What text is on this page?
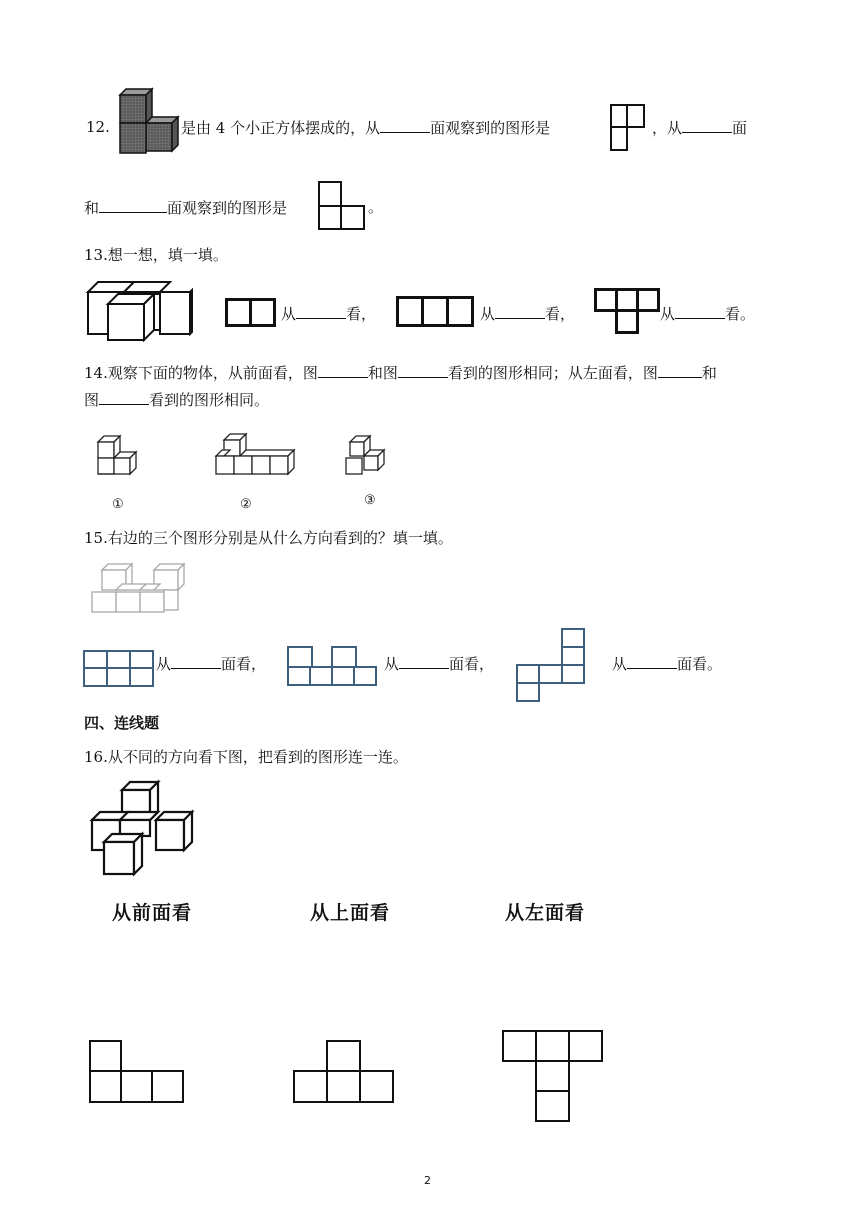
12.	是由 4 个小正方体摆成的，从	面观察到的图形是	，从	面
和	面观察到的图形是	。
13.想一想，填一填。
从	看，	从	看，	从	看。
14.观察下面的物体，从前面看，图	和图	看到的图形相同；从左面看，图	和
图	看到的图形相同。
①	②	③
15.右边的三个图形分别是从什么方向看到的？填一填。
从	面看，	从	面看，	从	面看。
四、连线题
16.从不同的方向看下图，把看到的图形连一连。
从前面看	从上面看	从左面看
2
